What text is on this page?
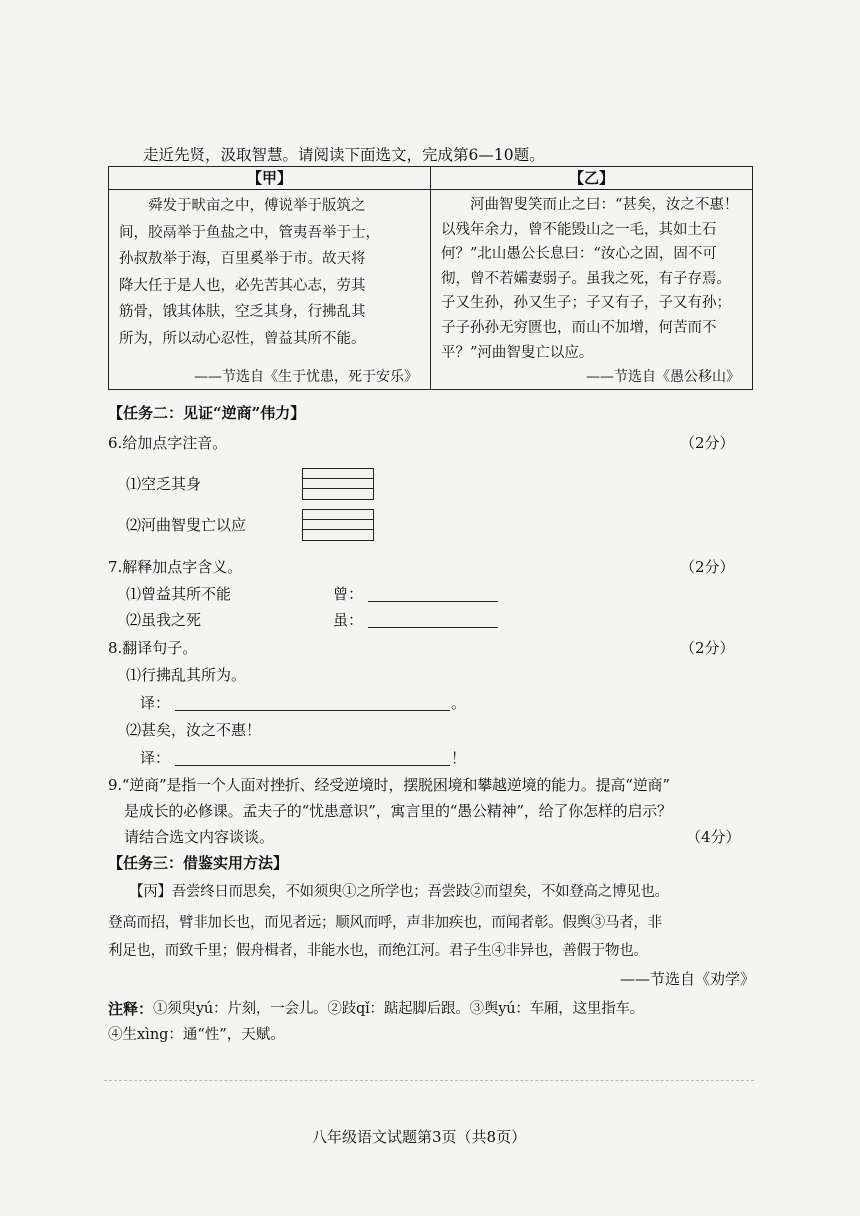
走近先贤，汲取智慧。请阅读下面选文，完成第6—10题。
【甲】

　　舜发于畎亩之中，傅说举于版筑之

间，胶鬲举于鱼盐之中，管夷吾举于士，

孙叔敖举于海，百里奚举于市。故天将

降大任于是人也，必先苦其心志，劳其

筋骨，饿其体肤，空乏其身，行拂乱其

所为，所以动心忍性，曾益其所不能。

——节选自《生于忧患，死于安乐》
【乙】

　　河曲智叟笑而止之曰：“甚矣，汝之不惠！

以残年余力，曾不能毁山之一毛，其如土石

何？”北山愚公长息曰：“汝心之固，固不可

彻，曾不若孀妻弱子。虽我之死，有子存焉。

子又生孙，孙又生子；子又有子，子又有孙；

子子孙孙无穷匮也，而山不加增，何苦而不

平？”河曲智叟亡以应。

——节选自《愚公移山》
【任务二：见证“逆商”伟力】
6.给加点字注音。	（2分）
⑴空乏其身
⑵河曲智叟亡以应
7.解释加点字含义。	（2分）
⑴曾益其所不能	曾：
⑵虽我之死	虽：
8.翻译句子。	（2分）
⑴行拂乱其所为。
译：	。
⑵甚矣，汝之不惠！
译：	！
9.“逆商”是指一个人面对挫折、经受逆境时，摆脱困境和攀越逆境的能力。提高“逆商”
是成长的必修课。孟夫子的“忧患意识”，寓言里的“愚公精神”，给了你怎样的启示？
请结合选文内容谈谈。	（4分）
【任务三：借鉴实用方法】
　　【丙】吾尝终日而思矣，不如须臾①之所学也；吾尝跂②而望矣，不如登高之博见也。
登高而招，臂非加长也，而见者远；顺风而呼，声非加疾也，而闻者彰。假舆③马者，非
利足也，而致千里；假舟楫者，非能水也，而绝江河。君子生④非异也，善假于物也。
——节选自《劝学》
注释： ①须臾yú：片刻，一会儿。②跂qǐ：踮起脚后跟。③舆yú：车厢，这里指车。
④生xìng：通“性”，天赋。
八年级语文试题第3页（共8页）
